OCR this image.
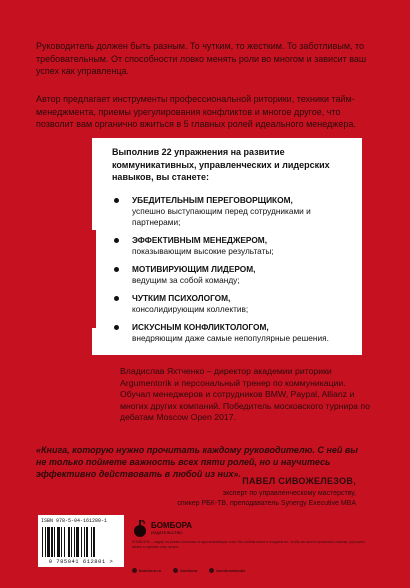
Руководитель должен быть разным. То чутким, то жестким. То заботливым, то требовательным. От способности ловко менять роли во многом и зависит ваш успех как управленца.

Автор предлагает инструменты профессиональной риторики, техники тайм-менеджмента, приемы урегулирования конфликтов и многое другое, что позволит вам органично вжиться в 5 главных ролей идеального менеджера.

Выполнив 22 упражнения на развитие коммуникативных, управленческих и лидерских навыков, вы станете:

УБЕДИТЕЛЬНЫМ ПЕРЕГОВОРЩИКОМ,
успешно выступающим перед сотрудниками и партнерами;
ЭФФЕКТИВНЫМ МЕНЕДЖЕРОМ,
показывающим высокие результаты;
МОТИВИРУЮЩИМ ЛИДЕРОМ,
ведущим за собой команду;
ЧУТКИМ ПСИХОЛОГОМ,
консолидирующим коллектив;
ИСКУСНЫМ КОНФЛИКТОЛОГОМ,
внедряющим даже самые непопулярные решения.

Владислав Яхтченко – директор академии риторики Argumentorik и персональный тренер по коммуникации. Обучал менеджеров и сотрудников BMW, Paypal, Allianz и многих других компаний. Победитель московского турнира по дебатам Moscow Open 2017.

«Книга, которую нужно прочитать каждому руководителю. С ней вы не только поймете важность всех пяти ролей, но и научитесь эффективно действовать в любой из них».

ПАВЕЛ СИВОЖЕЛЕЗОВ,
эксперт по управленческому мастерству,
спикер РБК-ТВ, преподаватель Synergy Executive MBA
ISBN 978-5-04-161280-1
9 785041 612801 >
БОМБОРА
ИЗДАТЕЛЬСТВО

БОМБОРА – лидер на рынке полезных и вдохновляющих книг. Мы любим книги и создаем их, чтобы вы могли прокачать навыки, улучшить жизнь и сделать мир лучше.

bombora.ru	bombora	bomborabooks
